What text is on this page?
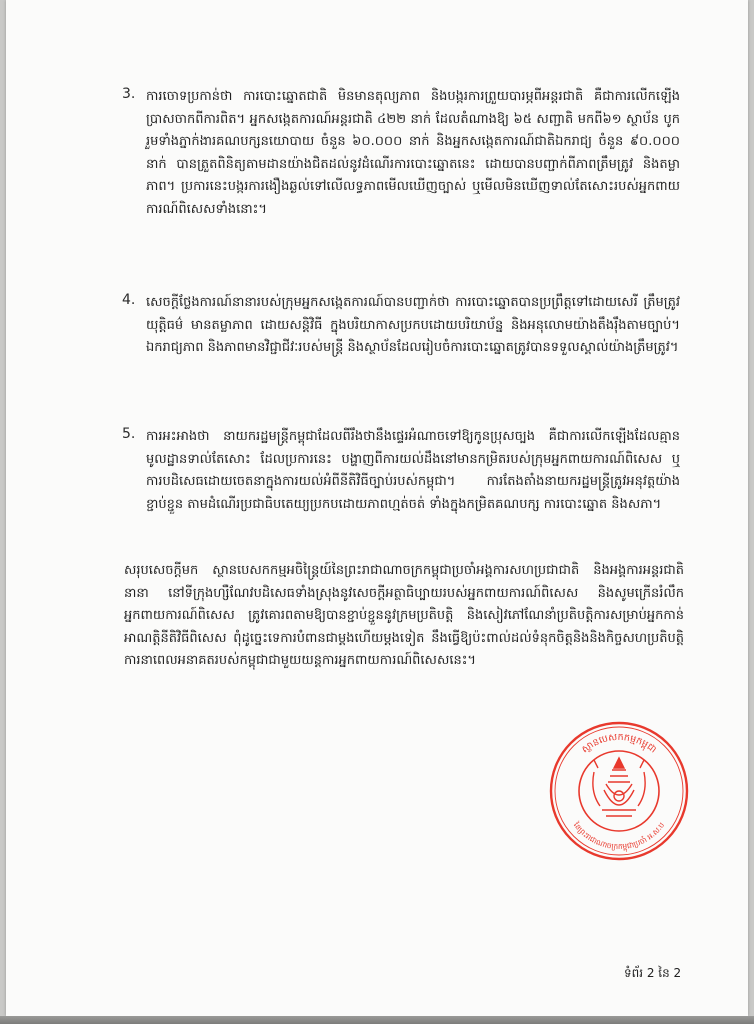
3. ការចោទប្រកាន់ថា ការបោះឆ្នោតជាតិ មិនមានតុល្យភាព និងបង្ករការព្រួយបារម្ភពីអន្តរជាតិ គឺជាការលើកឡើងប្រាសចាកពីការពិត។ អ្នកសង្កេតការណ៍អន្តរជាតិ ៤២២ នាក់ ដែលតំណាងឱ្យ ៦៥ សញ្ជាតិ មកពី៦១ ស្ថាប័ន បូករួមទាំងភ្នាក់ងារគណបក្សនយោបាយ ចំនួន ៦០.០០០ នាក់ និងអ្នកសង្កេតការណ៍ជាតិឯករាជ្យ ចំនួន ៩០.០០០ នាក់ បានត្រួតពិនិត្យតាមដានយ៉ាងជិតដល់នូវដំណើរការបោះឆ្នោតនេះ ដោយបានបញ្ជាក់ពីភាពត្រឹមត្រូវ និងតម្លាភាព។ ប្រការនេះបង្ករការងឿងឆ្ងល់ទៅលើលទ្ធភាពមើលឃើញច្បាស់ ឬមើលមិនឃើញទាល់តែសោះរបស់អ្នកពាយការណ៍ពិសេសទាំងនោះ។
4. សេចក្តីថ្លែងការណ៍នានារបស់ក្រុមអ្នកសង្កេតការណ៍បានបញ្ជាក់ថា ការបោះឆ្នោតបានប្រព្រឹត្តទៅដោយសេរី ត្រឹមត្រូវ យុត្តិធម៌ មានតម្លាភាព ដោយសន្តិវិធី ក្នុងបរិយាកាសប្រកបដោយបរិយាប័ន្ន និងអនុលោមយ៉ាងតឹងរ៉ឹងតាមច្បាប់។ ឯករាជ្យភាព និងភាពមានវិជ្ជាជីវៈរបស់មន្រ្តី និងស្ថាប័នដែលរៀបចំការបោះឆ្នោតត្រូវបានទទួលស្គាល់យ៉ាងត្រឹមត្រូវ។
5. ការអះអាងថា នាយករដ្ឋមន្ត្រីកម្ពុជាដែលពីរឹងថានឹងផ្ទេរអំណាចទៅឱ្យកូនប្រុសច្បង គឺជាការលើកឡើងដែលគ្មានមូលដ្ឋានទាល់តែសោះ ដែលប្រការនេះ បង្ហាញពីការយល់ដឹងនៅមានកម្រិតរបស់ក្រុមអ្នកពាយការណ៍ពិសេស ឬការបដិសេធដោយចេតនាក្នុងការយល់អំពីនីតិវិធីច្បាប់របស់កម្ពុជា។ ការតែងតាំងនាយករដ្ឋមន្ត្រីត្រូវអនុវត្តយ៉ាងខ្ជាប់ខ្ជួន តាមដំណើរប្រជាធិបតេយ្យប្រកបដោយភាពហ្មត់ចត់ ទាំងក្នុងកម្រិតគណបក្ស ការបោះឆ្នោត និងសភា។
សរុបសេចក្តីមក ស្ថានបេសកកម្មអចិន្ត្រៃយ៍នៃព្រះរាជាណាចក្រកម្ពុជាប្រចាំអង្គការសហប្រជាជាតិ និងអង្គការអន្តរជាតិនានា នៅទីក្រុងហ្សឺណែវបដិសេធទាំងស្រុងនូវសេចក្តីអត្ថាធិប្បាយរបស់អ្នកពាយការណ៍ពិសេស និងសូមក្រើនរំលឹកអ្នកពាយការណ៍ពិសេស ត្រូវគោរពតាមឱ្យបានខ្ជាប់ខ្ជួននូវក្រមប្រតិបត្តិ និងសៀវភៅណែនាំប្រតិបត្តិការសម្រាប់អ្នកកាន់អាណត្តិនីតិវិធីពិសេស ពុំដូច្នេះទេការបំពានជាម្តងហើយម្តងទៀត នឹងធ្វើឱ្យប៉ះពាល់ដល់ទំនុកចិត្តនិងនិងកិច្ចសហប្រតិបត្តិការនាពេលអនាគតរបស់កម្ពុជាជាមួយយន្តការអ្នកពាយការណ៍ពិសេសនេះ។
ស្ថានបេសកកម្មកម្ពុជា
នៃព្រះរាជាណាចក្រកម្ពុជាប្រចាំ អ.ស.ប
ទំព័រ 2 នៃ 2
